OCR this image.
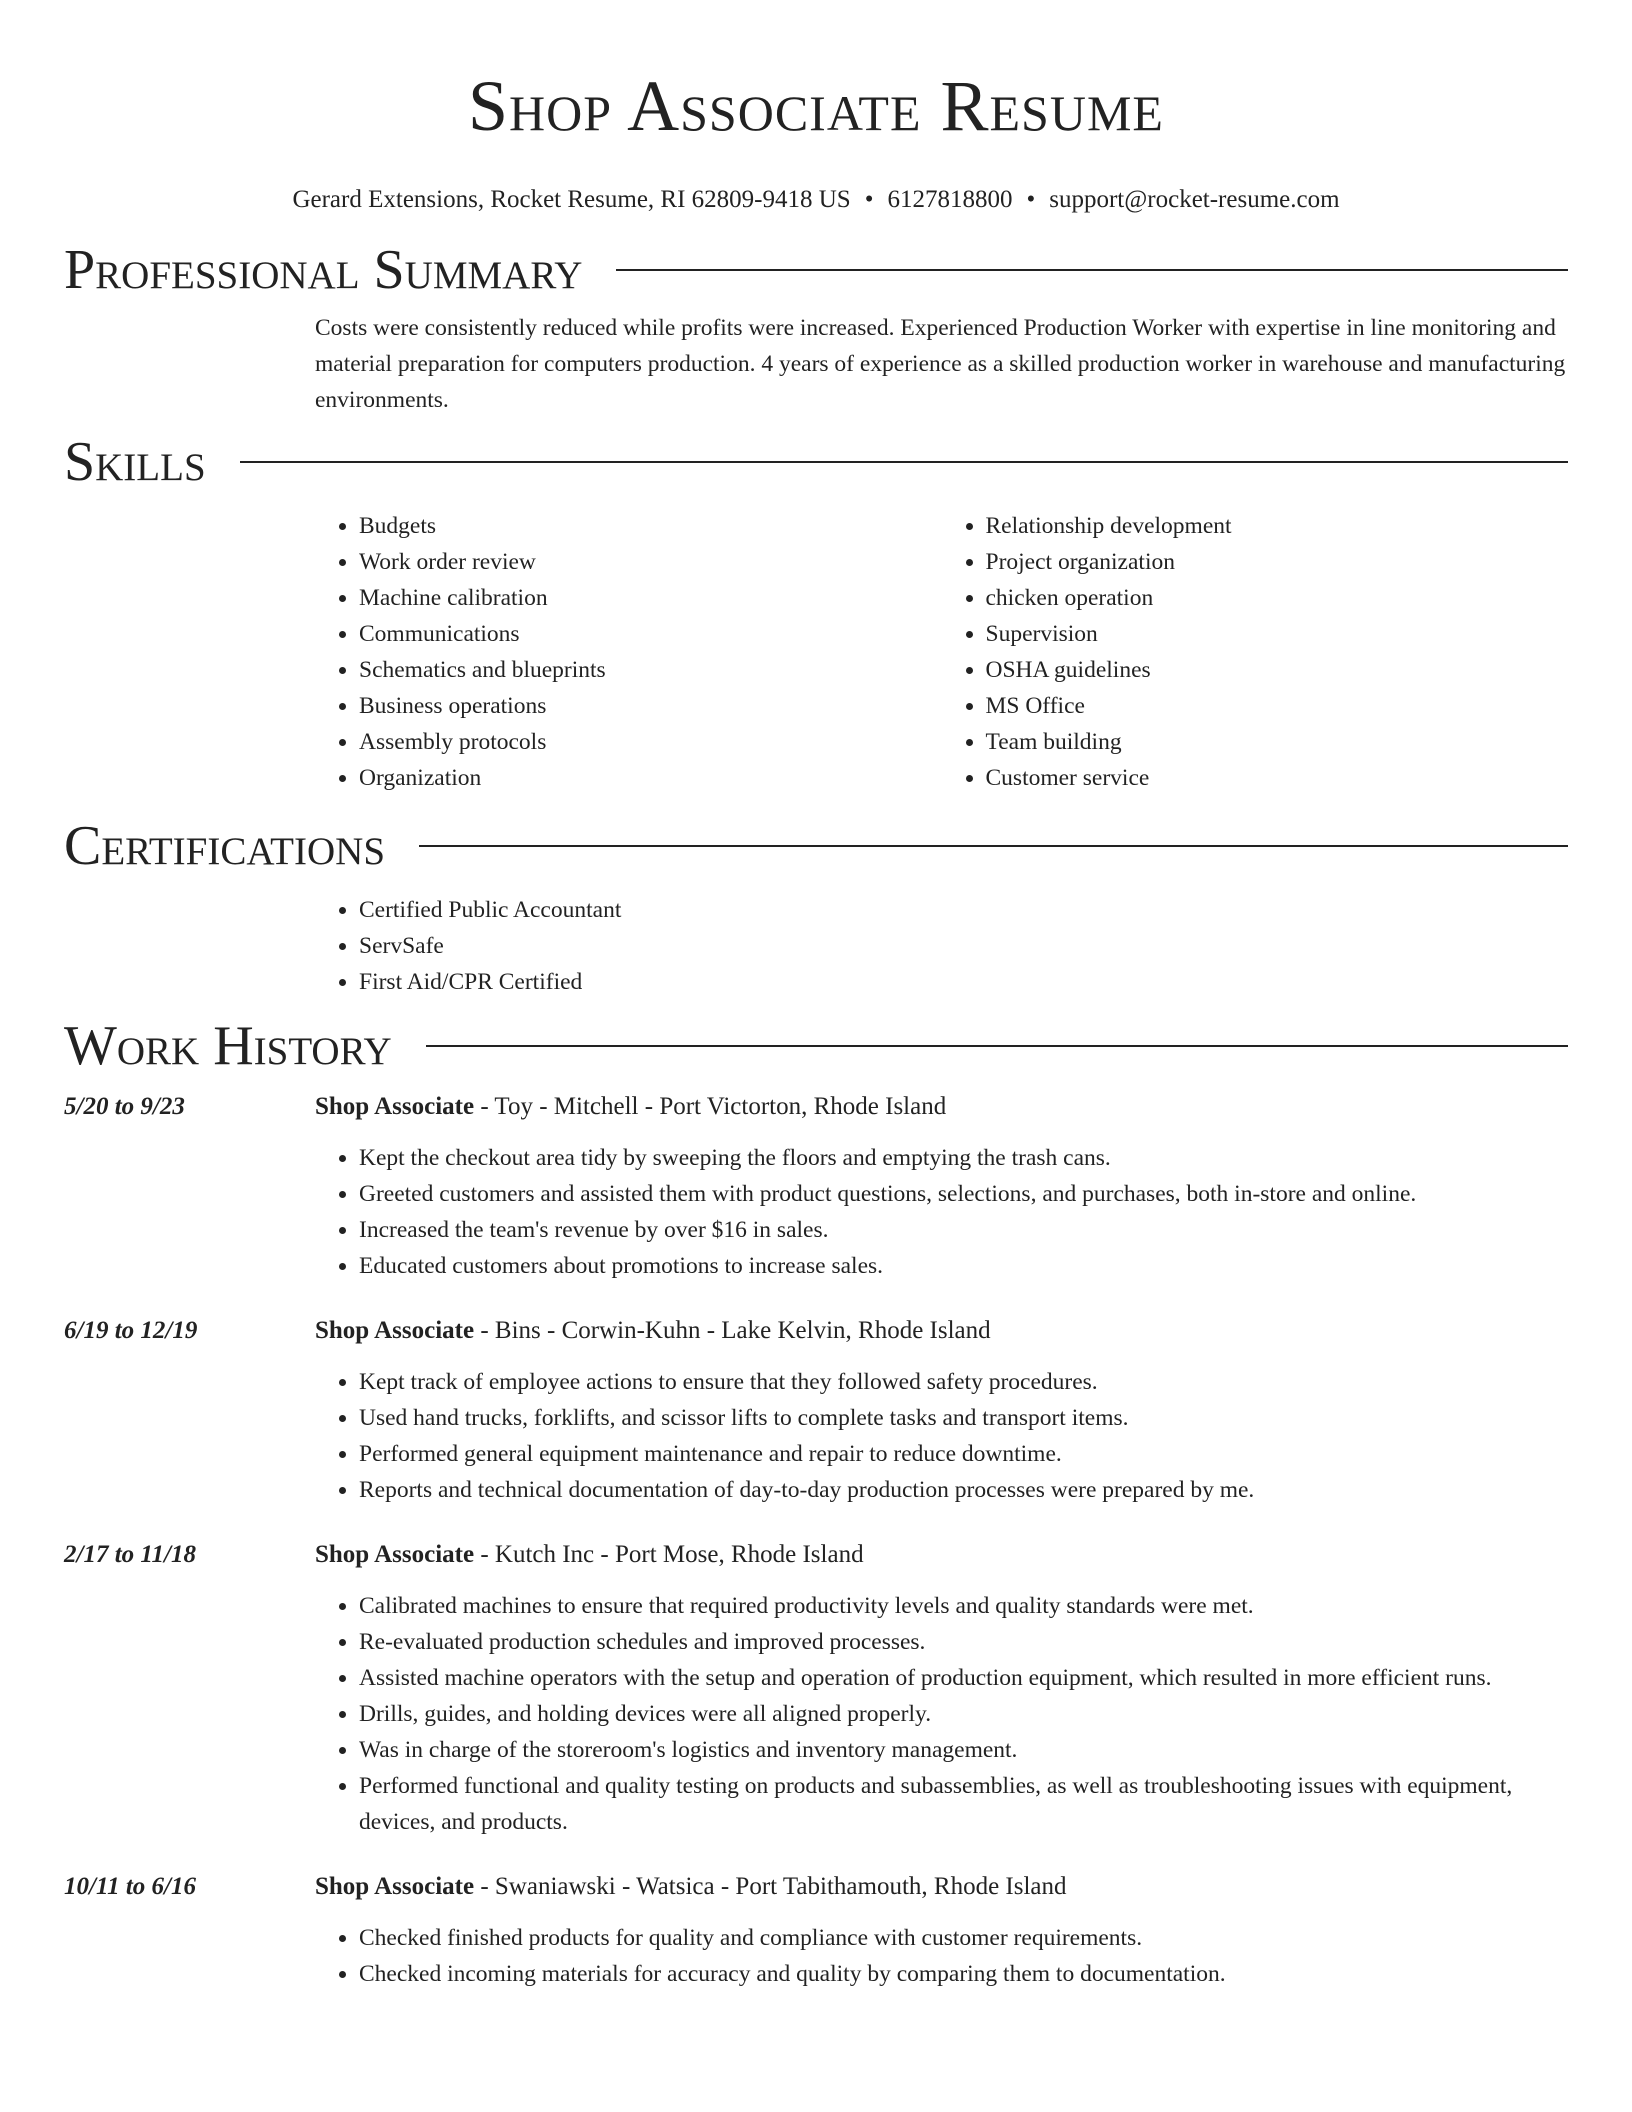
Shop Associate Resume
Gerard Extensions, Rocket Resume, RI 62809-9418 US • 6127818800 • support@rocket-resume.com
Professional Summary

Costs were consistently reduced while profits were increased. Experienced Production Worker with expertise in line monitoring and material preparation for computers production. 4 years of experience as a skilled production worker in warehouse and manufacturing environments.

Skills
• Budgets
• Work order review
• Machine calibration
• Communications
• Schematics and blueprints
• Business operations
• Assembly protocols
• Organization
• Relationship development
• Project organization
• chicken operation
• Supervision
• OSHA guidelines
• MS Office
• Team building
• Customer service
Certifications
• Certified Public Accountant
• ServSafe
• First Aid/CPR Certified
Work History
5/20 to 9/23	Shop Associate - Toy - Mitchell - Port Victorton, Rhode Island
• Kept the checkout area tidy by sweeping the floors and emptying the trash cans.
• Greeted customers and assisted them with product questions, selections, and purchases, both in-store and online.
• Increased the team's revenue by over $16 in sales.
• Educated customers about promotions to increase sales.
6/19 to 12/19	Shop Associate - Bins - Corwin-Kuhn - Lake Kelvin, Rhode Island
• Kept track of employee actions to ensure that they followed safety procedures.
• Used hand trucks, forklifts, and scissor lifts to complete tasks and transport items.
• Performed general equipment maintenance and repair to reduce downtime.
• Reports and technical documentation of day-to-day production processes were prepared by me.
2/17 to 11/18	Shop Associate - Kutch Inc - Port Mose, Rhode Island
• Calibrated machines to ensure that required productivity levels and quality standards were met.
• Re-evaluated production schedules and improved processes.
• Assisted machine operators with the setup and operation of production equipment, which resulted in more efficient runs.
• Drills, guides, and holding devices were all aligned properly.
• Was in charge of the storeroom's logistics and inventory management.
• Performed functional and quality testing on products and subassemblies, as well as troubleshooting issues with equipment, devices, and products.
10/11 to 6/16	Shop Associate - Swaniawski - Watsica - Port Tabithamouth, Rhode Island
• Checked finished products for quality and compliance with customer requirements.
• Checked incoming materials for accuracy and quality by comparing them to documentation.
